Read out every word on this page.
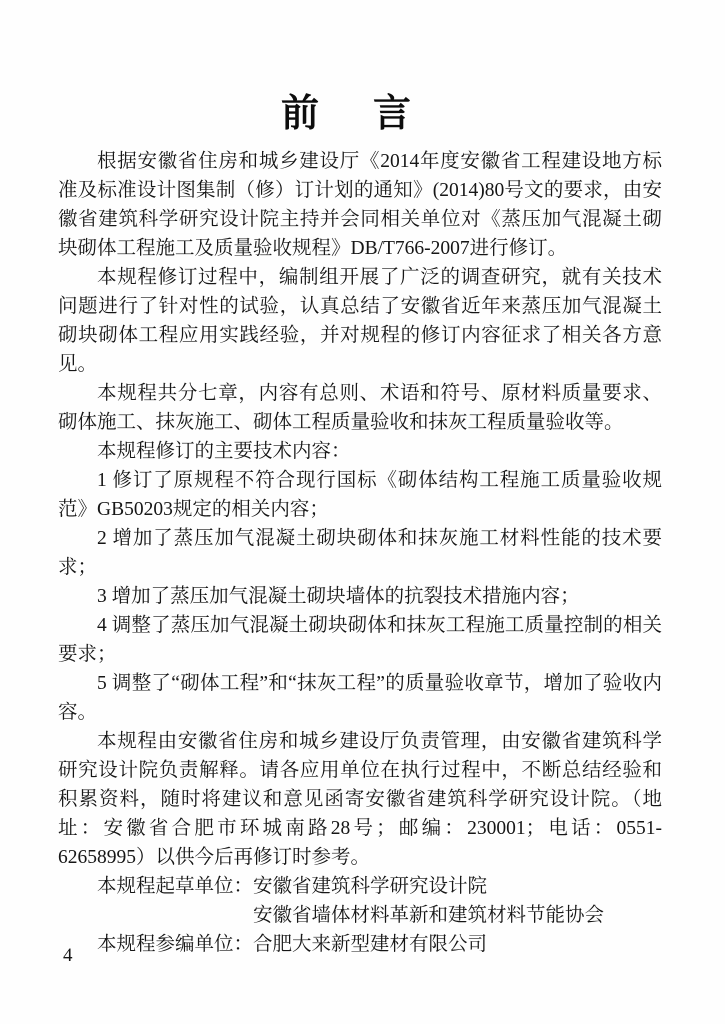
前　言

根据安徽省住房和城乡建设厅《2014年度安徽省工程建设地方标准及标准设计图集制（修）订计划的通知》(2014)80号文的要求，由安徽省建筑科学研究设计院主持并会同相关单位对《蒸压加气混凝土砌块砌体工程施工及质量验收规程》DB/T766-2007进行修订。

本规程修订过程中，编制组开展了广泛的调查研究，就有关技术问题进行了针对性的试验，认真总结了安徽省近年来蒸压加气混凝土砌块砌体工程应用实践经验，并对规程的修订内容征求了相关各方意见。

本规程共分七章，内容有总则、术语和符号、原材料质量要求、砌体施工、抹灰施工、砌体工程质量验收和抹灰工程质量验收等。

本规程修订的主要技术内容：

1 修订了原规程不符合现行国标《砌体结构工程施工质量验收规范》GB50203规定的相关内容；

2 增加了蒸压加气混凝土砌块砌体和抹灰施工材料性能的技术要求；

3 增加了蒸压加气混凝土砌块墙体的抗裂技术措施内容；

4 调整了蒸压加气混凝土砌块砌体和抹灰工程施工质量控制的相关要求；

5 调整了“砌体工程”和“抹灰工程”的质量验收章节，增加了验收内容。

本规程由安徽省住房和城乡建设厅负责管理，由安徽省建筑科学研究设计院负责解释。请各应用单位在执行过程中，不断总结经验和积累资料，随时将建议和意见函寄安徽省建筑科学研究设计院。（地址：安徽省合肥市环城南路28号；邮编：230001；电话：0551-62658995）以供今后再修订时参考。

本规程起草单位： 安徽省建筑科学研究设计院
安徽省墙体材料革新和建筑材料节能协会
本规程参编单位： 合肥大来新型建材有限公司
4
